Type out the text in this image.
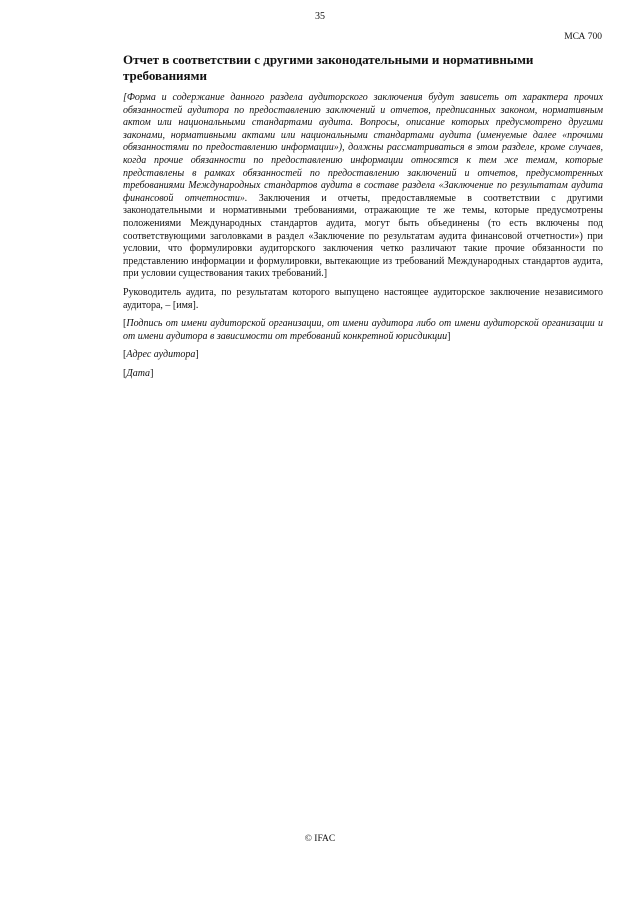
35
МСА 700
Отчет в соответствии с другими законодательными и нормативными требованиями

[Форма и содержание данного раздела аудиторского заключения будут зависеть от характера прочих обязанностей аудитора по предоставлению заключений и отчетов, предписанных законом, нормативным актом или национальными стандартами аудита. Вопросы, описание которых предусмотрено другими законами, нормативными актами или национальными стандартами аудита (именуемые далее «прочими обязанностями по предоставлению информации»), должны рассматриваться в этом разделе, кроме случаев, когда прочие обязанности по предоставлению информации относятся к тем же темам, которые представлены в рамках обязанностей по предоставлению заключений и отчетов, предусмотренных требованиями Международных стандартов аудита в составе раздела «Заключение по результатам аудита финансовой отчетности». Заключения и отчеты, предоставляемые в соответствии с другими законодательными и нормативными требованиями, отражающие те же темы, которые предусмотрены положениями Международных стандартов аудита, могут быть объединены (то есть включены под соответствующими заголовками в раздел «Заключение по результатам аудита финансовой отчетности») при условии, что формулировки аудиторского заключения четко различают такие прочие обязанности по представлению информации и формулировки, вытекающие из требований Международных стандартов аудита, при условии существования таких требований.]

Руководитель аудита, по результатам которого выпущено настоящее аудиторское заключение независимого аудитора, – [имя].

[Подпись от имени аудиторской организации, от имени аудитора либо от имени аудиторской организации и от имени аудитора в зависимости от требований конкретной юрисдикции]

[Адрес аудитора]

[Дата]

© IFAC
